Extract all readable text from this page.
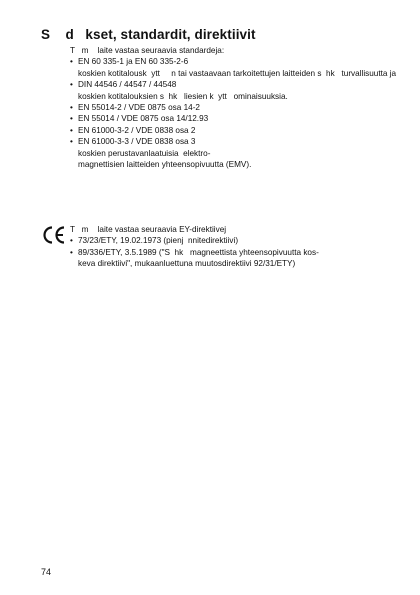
S    d   kset, standardit, direktiivit
T   m    laite vastaa seuraavia standardeja:
• EN 60 335-1 ja EN 60 335-2-6
koskien kotitalousk  ytt     n tai vastaavaan tarkoitettujen laitteiden s  hk   turvallisuutta ja
• DIN 44546 / 44547 / 44548
koskien kotitalouksien s  hk   liesien k  ytt   ominaisuuksia.
• EN 55014-2 / VDE 0875 osa 14-2
• EN 55014 / VDE 0875 osa 14/12.93
• EN 61000-3-2 / VDE 0838 osa 2
• EN 61000-3-3 / VDE 0838 osa 3
koskien perustavanlaatuisia  elektro-
magnettisien laitteiden yhteensopivuutta (EMV).
T   m    laite vastaa seuraavia EY-direktiivej
• 73/23/ETY, 19.02.1973 (pienj  nnitedirektiivi)
• 89/336/ETY, 3.5.1989 ("S  hk   magneettista yhteensopivuutta kos-
keva direktiivi", mukaanluettuna muutosdirektiivi 92/31/ETY)
74
